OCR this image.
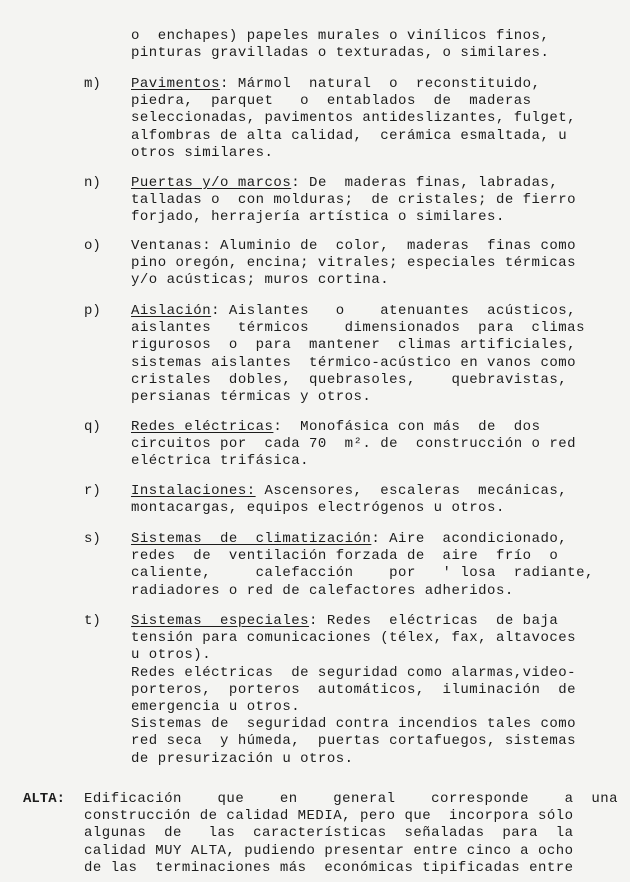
o  enchapes) papeles murales o vinílicos finos,
pinturas gravilladas o texturadas, o similares.
m) Pavimentos: Mármol  natural  o  reconstituido,
piedra,  parquet   o  entablados  de  maderas
seleccionadas, pavimentos antideslizantes, fulget,
alfombras de alta calidad,  cerámica esmaltada, u
otros similares.
n) Puertas y/o marcos: De  maderas finas, labradas,
talladas o  con molduras;  de cristales; de fierro
forjado, herrajería artística o similares.
o) Ventanas: Aluminio de  color,  maderas  finas como
pino oregón, encina; vitrales; especiales térmicas
y/o acústicas; muros cortina.
p) Aislación: Aislantes   o    atenuantes  acústicos,
aislantes   térmicos    dimensionados  para  climas
rigurosos  o  para  mantener  climas artificiales,
sistemas aislantes  térmico-acústico en vanos como
cristales  dobles,  quebrasoles,    quebravistas,
persianas térmicas y otros.
q) Redes eléctricas:  Monofásica con más  de  dos
circuitos por  cada 70  m². de  construcción o red
eléctrica trifásica.
r) Instalaciones: Ascensores,  escaleras  mecánicas,
montacargas, equipos electrógenos u otros.
s) Sistemas  de  climatización: Aire  acondicionado,
redes  de  ventilación forzada de  aire  frío  o
caliente,     calefacción    por   ' losa  radiante,
radiadores o red de calefactores adheridos.
t) Sistemas  especiales: Redes  eléctricas  de baja
tensión para comunicaciones (télex, fax, altavoces
u otros).
Redes eléctricas  de seguridad como alarmas,video-
porteros,  porteros  automáticos,  iluminación  de
emergencia u otros.
Sistemas de  seguridad contra incendios tales como
red seca  y húmeda,  puertas cortafuegos, sistemas
de presurización u otros.
ALTA: Edificación    que    en    general    corresponde    a  una
construcción de calidad MEDIA, pero que  incorpora sólo
algunas  de   las  características  señaladas  para  la
calidad MUY ALTA, pudiendo presentar entre cinco a ocho
de las  terminaciones más  económicas tipificadas entre
